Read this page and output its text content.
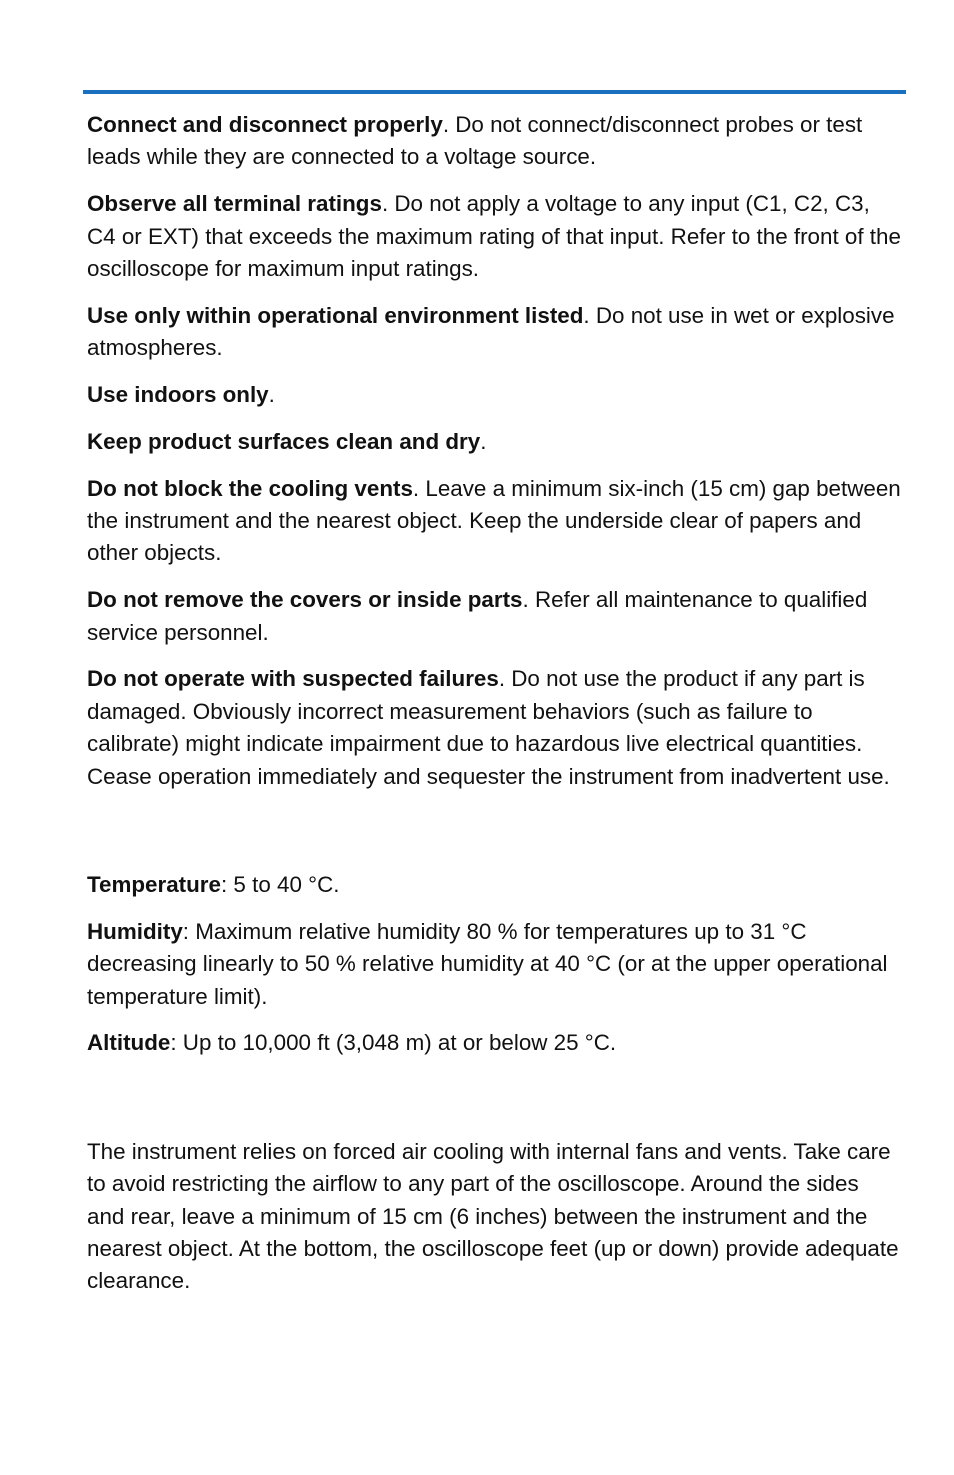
Connect and disconnect properly. Do not connect/disconnect probes or test leads while they are connected to a voltage source.

Observe all terminal ratings. Do not apply a voltage to any input (C1, C2, C3, C4 or EXT) that exceeds the maximum rating of that input. Refer to the front of the oscilloscope for maximum input ratings.

Use only within operational environment listed. Do not use in wet or explosive atmospheres.

Use indoors only.

Keep product surfaces clean and dry.

Do not block the cooling vents. Leave a minimum six-inch (15 cm) gap between the instrument and the nearest object. Keep the underside clear of papers and other objects.

Do not remove the covers or inside parts. Refer all maintenance to qualified service personnel.

Do not operate with suspected failures. Do not use the product if any part is damaged. Obviously incorrect measurement behaviors (such as failure to calibrate) might indicate impairment due to hazardous live electrical quantities. Cease operation immediately and sequester the instrument from inadvertent use.

Temperature: 5 to 40 °C.

Humidity: Maximum relative humidity 80 % for temperatures up to 31 °C decreasing linearly to 50 % relative humidity at 40 °C (or at the upper operational temperature limit).

Altitude: Up to 10,000 ft (3,048 m) at or below 25 °C.

The instrument relies on forced air cooling with internal fans and vents. Take care to avoid restricting the airflow to any part of the oscilloscope. Around the sides and rear, leave a minimum of 15 cm (6 inches) between the instrument and the nearest object. At the bottom, the oscilloscope feet (up or down) provide adequate clearance.
